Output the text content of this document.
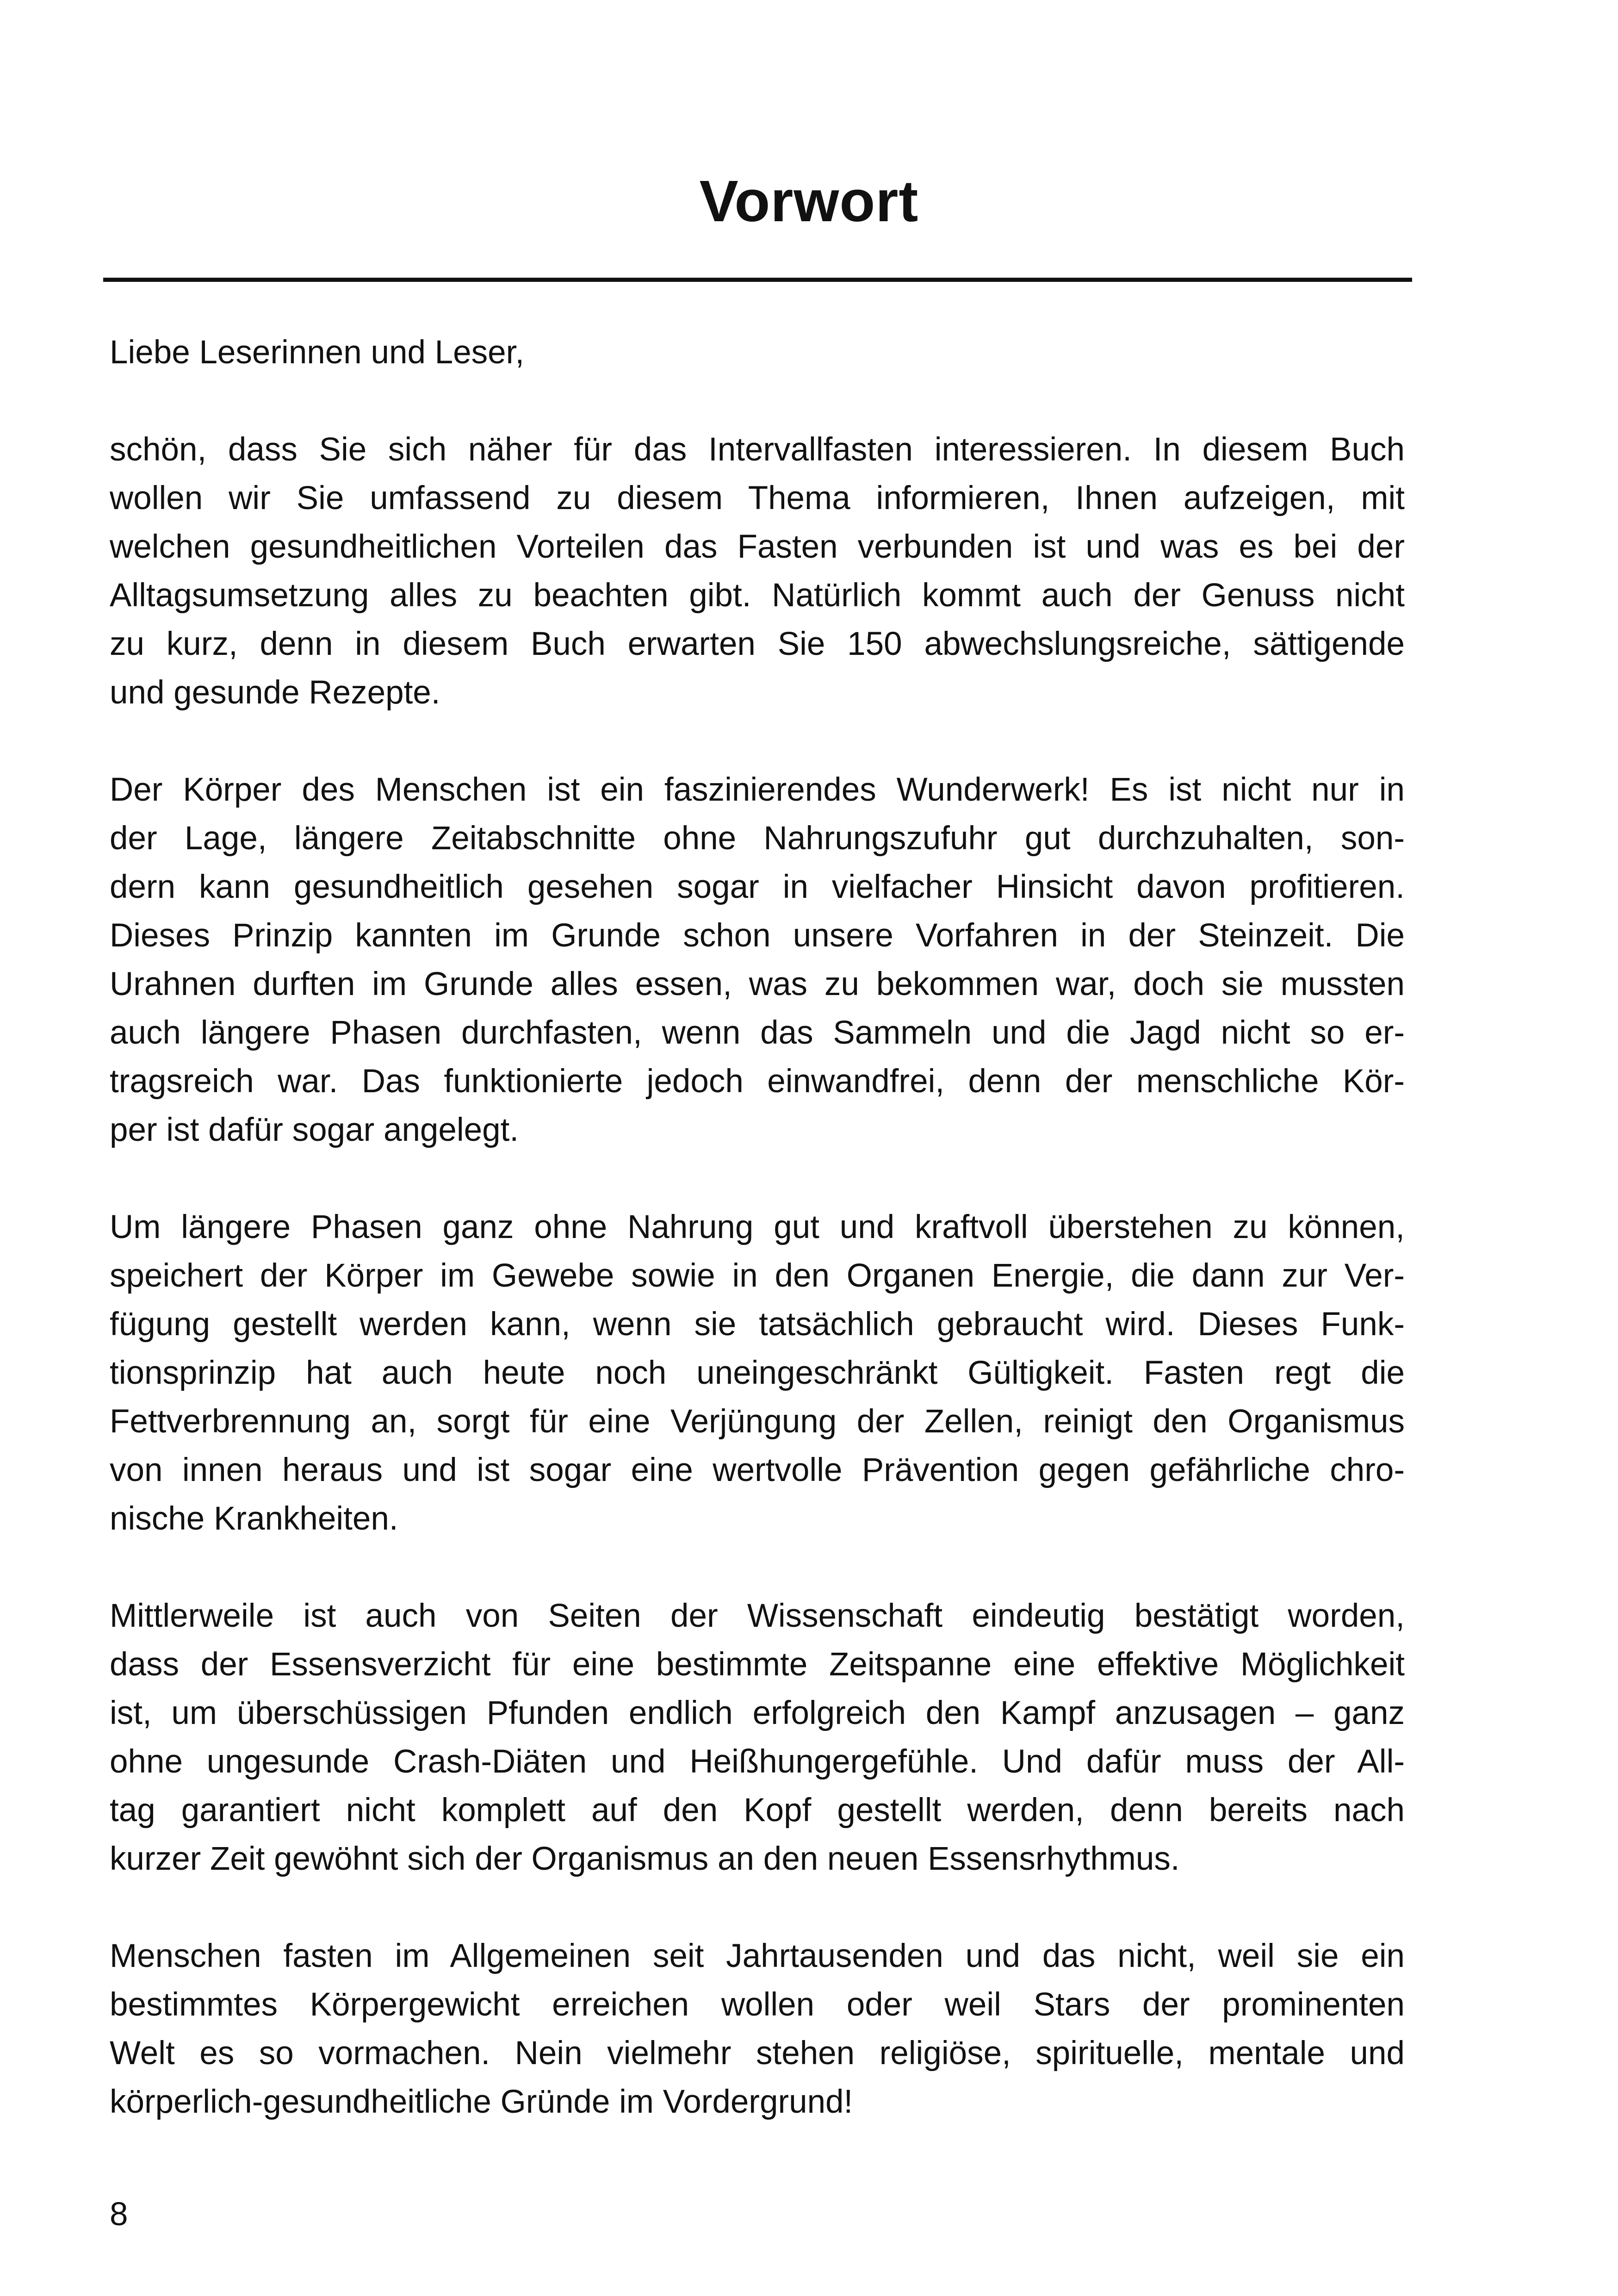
Vorwort
Liebe Leserinnen und Leser,
schön, dass Sie sich näher für das Intervallfasten interessieren. In diesem Buch
wollen wir Sie umfassend zu diesem Thema informieren, Ihnen aufzeigen, mit
welchen gesundheitlichen Vorteilen das Fasten verbunden ist und was es bei der
Alltagsumsetzung alles zu beachten gibt. Natürlich kommt auch der Genuss nicht
zu kurz, denn in diesem Buch erwarten Sie 150 abwechslungsreiche, sättigende
und gesunde Rezepte.
Der Körper des Menschen ist ein faszinierendes Wunderwerk! Es ist nicht nur in
der Lage, längere Zeitabschnitte ohne Nahrungszufuhr gut durchzuhalten, son-
dern kann gesundheitlich gesehen sogar in vielfacher Hinsicht davon profitieren.
Dieses Prinzip kannten im Grunde schon unsere Vorfahren in der Steinzeit. Die
Urahnen durften im Grunde alles essen, was zu bekommen war, doch sie mussten
auch längere Phasen durchfasten, wenn das Sammeln und die Jagd nicht so er-
tragsreich war. Das funktionierte jedoch einwandfrei, denn der menschliche Kör-
per ist dafür sogar angelegt.
Um längere Phasen ganz ohne Nahrung gut und kraftvoll überstehen zu können,
speichert der Körper im Gewebe sowie in den Organen Energie, die dann zur Ver-
fügung gestellt werden kann, wenn sie tatsächlich gebraucht wird. Dieses Funk-
tionsprinzip hat auch heute noch uneingeschränkt Gültigkeit. Fasten regt die
Fettverbrennung an, sorgt für eine Verjüngung der Zellen, reinigt den Organismus
von innen heraus und ist sogar eine wertvolle Prävention gegen gefährliche chro-
nische Krankheiten.
Mittlerweile ist auch von Seiten der Wissenschaft eindeutig bestätigt worden,
dass der Essensverzicht für eine bestimmte Zeitspanne eine effektive Möglichkeit
ist, um überschüssigen Pfunden endlich erfolgreich den Kampf anzusagen – ganz
ohne ungesunde Crash-Diäten und Heißhungergefühle. Und dafür muss der All-
tag garantiert nicht komplett auf den Kopf gestellt werden, denn bereits nach
kurzer Zeit gewöhnt sich der Organismus an den neuen Essensrhythmus.
Menschen fasten im Allgemeinen seit Jahrtausenden und das nicht, weil sie ein
bestimmtes Körpergewicht erreichen wollen oder weil Stars der prominenten
Welt es so vormachen. Nein vielmehr stehen religiöse, spirituelle, mentale und
körperlich-gesundheitliche Gründe im Vordergrund!
8
